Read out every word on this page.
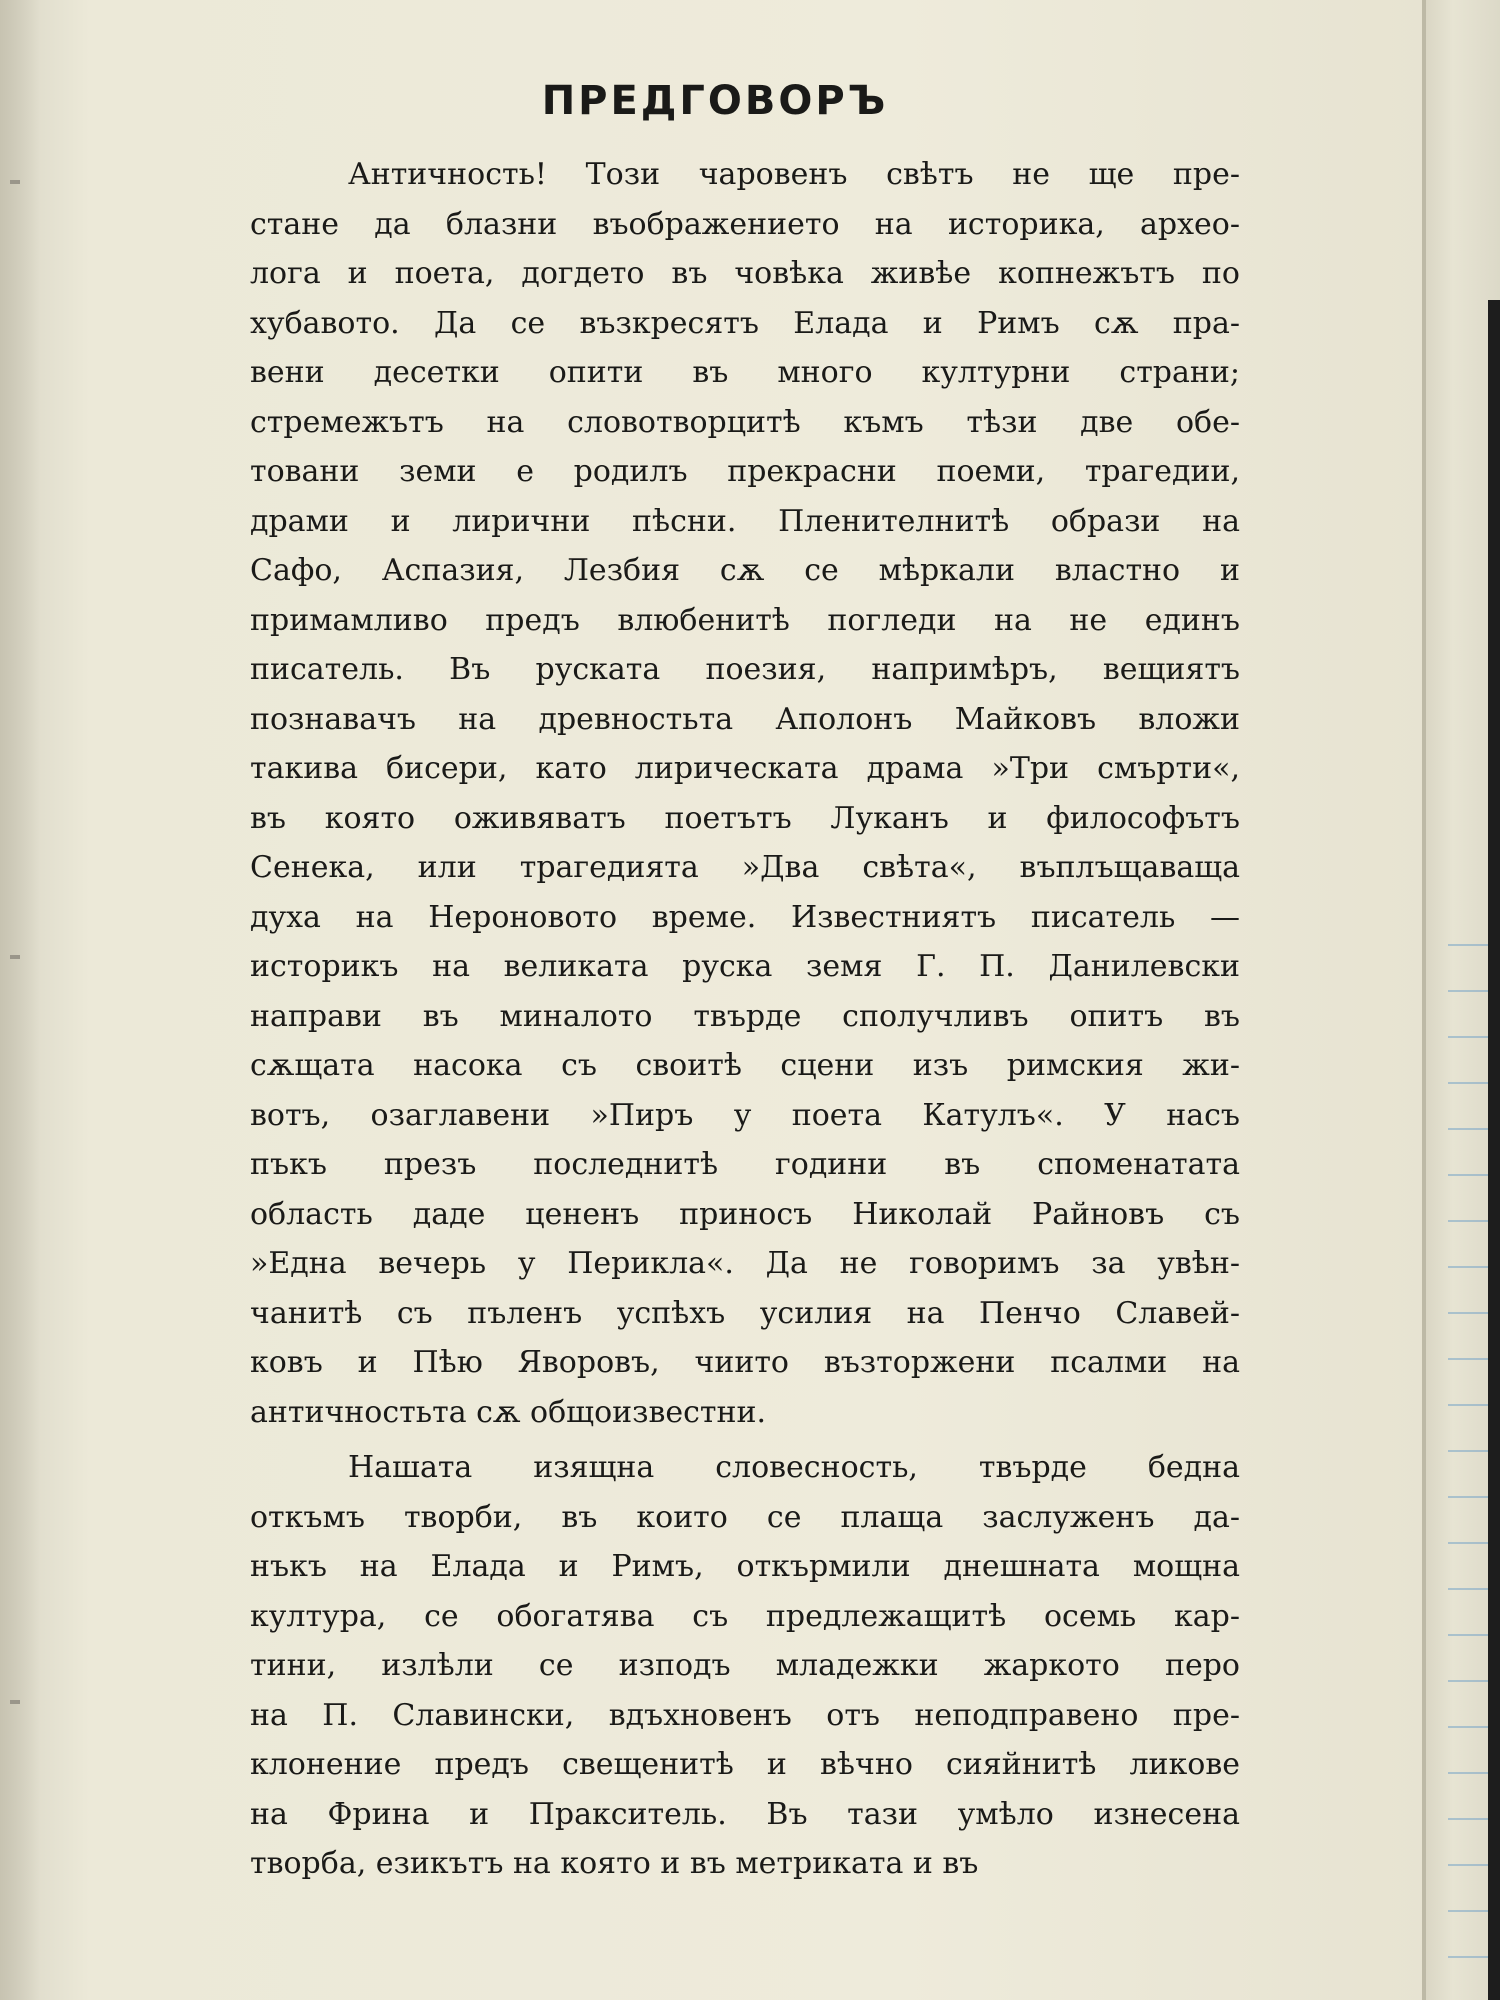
ПРЕДГОВОРЪ
Античность! Този чаровенъ свѣтъ не ще пре-
стане да блазни въображението на историка, архео-
лога и поета, догдето въ човѣка живѣе копнежътъ по
хубавото. Да се възкресятъ Елада и Римъ сѫ пра-
вени десетки опити въ много културни страни;
стремежътъ на словотворцитѣ къмъ тѣзи две обе-
товани земи е родилъ прекрасни поеми, трагедии,
драми и лирични пѣсни. Пленителнитѣ образи на
Сафо, Аспазия, Лезбия сѫ се мѣркали властно и
примамливо предъ влюбенитѣ погледи на не единъ
писатель. Въ руската поезия, напримѣръ, вещиятъ
познавачъ на древностьта Аполонъ Майковъ вложи
такива бисери, като лирическата драма »Три смърти«,
въ която оживяватъ поетътъ Луканъ и философътъ
Сенека, или трагедията »Два свѣта«, въплъщаваща
духа на Нероновото време. Известниятъ писатель —
историкъ на великата руска земя Г. П. Данилевски
направи въ миналото твърде сполучливъ опитъ въ
сѫщата насока съ своитѣ сцени изъ римския жи-
вотъ, озаглавени »Пиръ у поета Катулъ«. У насъ
пъкъ презъ последнитѣ години въ споменатата
область даде цененъ приносъ Николай Райновъ съ
»Една вечерь у Перикла«. Да не говоримъ за увѣн-
чанитѣ съ пъленъ успѣхъ усилия на Пенчо Славей-
ковъ и Пѣю Яворовъ, чиито възторжени псалми на
античностьта сѫ общоизвестни.
Нашата изящна словесность, твърде бедна
откъмъ творби, въ които се плаща заслуженъ да-
нъкъ на Елада и Римъ, откърмили днешната мощна
култура, се обогатява съ предлежащитѣ осемь кар-
тини, излѣли се изподъ младежки жаркото перо
на П. Славински, вдъхновенъ отъ неподправено пре-
клонение предъ свещенитѣ и вѣчно сияйнитѣ ликове
на Фрина и Пракситель. Въ тази умѣло изнесена
творба, езикътъ на която и въ метриката и въ
